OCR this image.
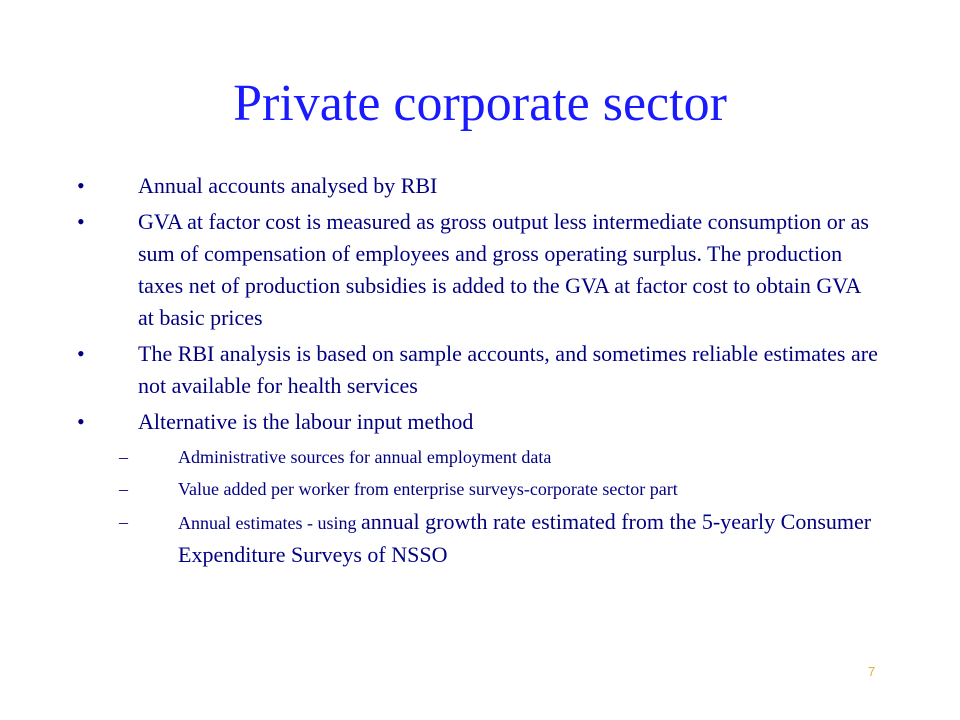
Private corporate sector
•	Annual accounts analysed by RBI
•	GVA at factor cost is measured as gross output less intermediate consumption or as sum of compensation of employees and gross operating surplus. The production taxes net of production subsidies is added to the GVA at factor cost to obtain GVA at basic prices
•	The RBI analysis is based on sample accounts, and sometimes reliable estimates are not available for health services
•	Alternative is the labour input method
–	Administrative sources for annual employment data
–	Value added per worker from enterprise surveys-corporate sector part
–	Annual estimates - using annual growth rate estimated from the 5-yearly Consumer Expenditure Surveys of NSSO
7
